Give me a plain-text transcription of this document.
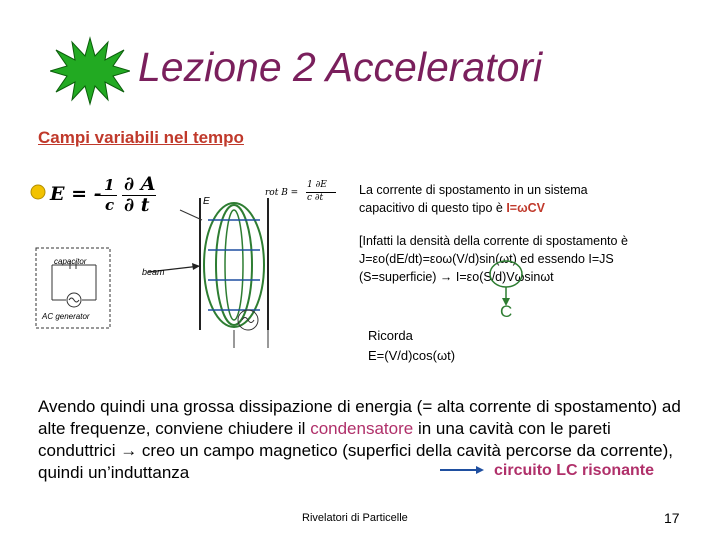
Lezione 2 Acceleratori
Campi variabili nel tempo
E = - 1
c
∂ A
∂ t	E
beam
capacitor
AC generator
rot B =
1 ∂E
c ∂t
La corrente di spostamento in un sistema
capacitivo di questo tipo è I=ωCV
[Infatti la densità della corrente di spostamento è
J=εo(dE/dt)=εoω(V/d)sin(ωt) ed essendo I=JS
(S=superficie) → I=εo(S/d)Vωsinωt
C
Ricorda
E=(V/d)cos(ωt)
Avendo quindi una grossa dissipazione di energia (= alta corrente di spostamento) ad alte frequenze, conviene chiudere il condensatore in una cavità con le pareti conduttrici → creo un campo magnetico (superfici della cavità percorse da corrente), quindi un’induttanza	circuito LC risonante
Rivelatori di Particelle	17
